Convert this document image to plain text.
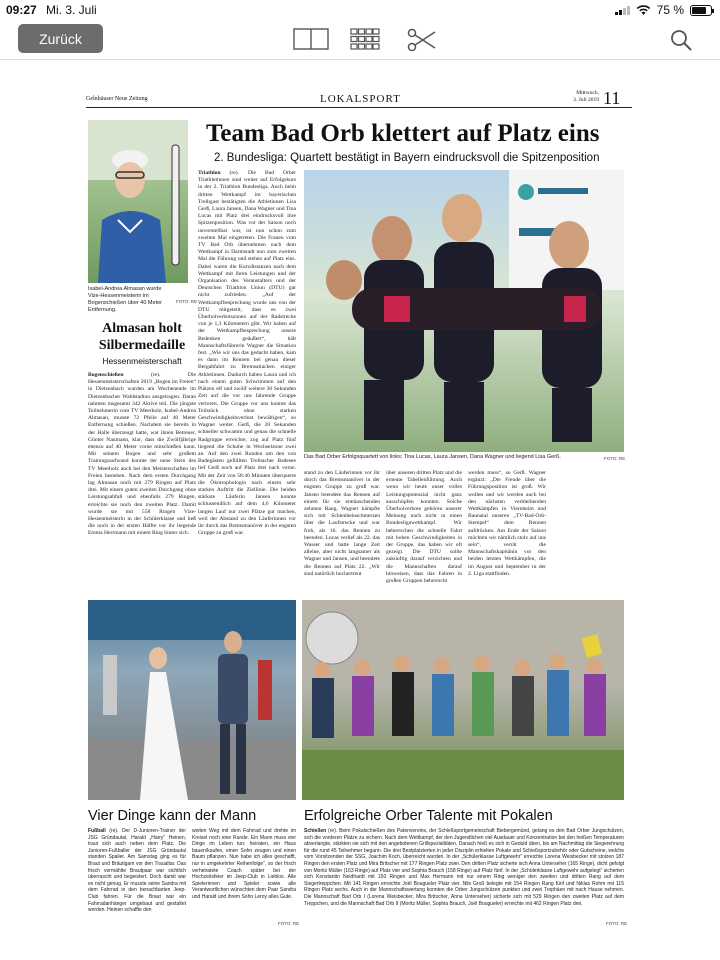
09:27 Mi. 3. Juli	75 %
Zurück
Gelnhäuser Neue Zeitung	LOKALSPORT	Mittwoch,
3. Juli 2019 11
Isabel-Andrea Almasan wurde Vize-Hessenmeisterin im Bogenschießen über 40 Meter Entfernung.
FOTO: RE
Almasan holt Silbermedaille
Hessenmeisterschaft
Bogenschießen	(re). Die Hessenmeisterschaften 2019 „Bogen im Freien“ in Dietzenbach wurden am Wochenende im Dietzenbacher Waldstadion ausgetragen. Daran nahmen insgesamt 342 Aktive teil. Die jüngste Teilnehmerin vom TV Meerholz, Isabel-Andrea Almasan, musste 72 Pfeile auf 40 Meter Entfernung schießen. Nachdem sie bereits in der Halle überzeugt hatte, war ihnen Betreuer, Günter Naumann, klar, dass die Zwölfjährige ebenso auf 40 Meter vorne mitschießen kann. Mit seinem Bogen und sehr großem Trainingsaufwand konnte der neue Stern des TV Meerholz auch bei den Meisterschaften im Freien bestehen. Nach dem ersten Durchgang lag Almasan noch mit 279 Ringen auf Platz drei. Mit einem guten zweiten Durchgang ohne Leistungsabfall und ebenfalls 279 Ringen, erreichte sie noch den zweiten Platz. Damit wurde sie mit 558 Ringen Vize-Hessenmeisterin in der Schülerklasse und ließ die noch in der ersten Hälfte vor ihr liegende Emma Herrmann mit einem Ring hinter sich.
Team Bad Orb klettert auf Platz eins
2. Bundesliga: Quartett bestätigt in Bayern eindrucksvoll die Spitzenposition
Triathlon (re). Die Bad Orber Triathletinnen sind weiter auf Erfolgskurs in der 2. Triathlon Bundesliga. Auch beim dritten Wettkampf im bayerischen Treibgast bestätigten die Athletinnen Lisa Gerß, Laura Jansen, Dana Wagner und Tina Lucas mit Platz drei eindrucksvoll ihre Spitzenposition. Was vor der Saison noch unvorstellbar war, ist nun schon zum zweiten Mal eingetreten. Die Frauen vom TV Bad Orb übernehmen nach dem Wettkampf in Darmstadt nun zum zweiten Mal die Führung und stehen auf Platz eins. Dabei waren die Kurzdistanzen nach dem Wettkampf mit ihren Leistungen und der Organisation des Veranstalters und der Deutschen Triathlon Union (DTU) gar nicht zufrieden. „Auf der Wettkampfbesprechung wurde uns von der DTU mitgeteilt, dass es zwei Überholverbotszonen auf der Radstrecke von je 1,3 Kilometern gibt. Wir haben auf der Wettkampfbesprechung unsere Bedenken geäußert“, hält Mannschaftsführerin Wagner die Situation fest. „Wie wir uns das gedacht haben, kam es dann im Rennen bei genau dieser Bergabfahrt zu Bremsattacken einiger Athletinnen. Dadurch haben Laura und ich nach einem guten Schwimmen auf den Plätzen elf und zwölf weitere 30 Sekunden Zeit auf die vor uns fahrende Gruppe verloren. Die Gruppe vor uns konnte das Teilstück ohne starken Geschwindigkeitsverlust bewältigen“, so Wagner weiter. Gerß, die 20 Sekunden schneller schwamm und genau die schnelle Radgruppe erreichte, zog auf Platz fünf liegend die Schuhe in Wechselzone zwei an. Auf den zwei Runden um den von Badegästen gefüllten Treibacher Badesee lief Gerß noch auf Platz drei nach vorne. Mit der Zeit von 58:46 Minuten überquerte die Ökotrophologin nach einem sehr starken Auftritt die Ziellinie. Die beiden stärkste Läuferin Jansen konnte schlussendlich auf dem 4,6 Kilometer langen Lauf nur zwei Plätze gut machen, weil der Abstand zu den Läuferinnen vor ihr durch das Bremsmanöver in der engsten Gruppe zu groß war.
Das Bad Orber Erfolgsquartett von links: Tina Lucas, Laura Jansen, Dana Wagner und liegend Lisa Gerß.	FOTO: RE
stand zu den Läuferinnen vor ihr durch das Bremsmanöver in der engsten Gruppe zu groß war. Jansen beendete das Rennen auf einem für sie enttäuschenden zehnten Rang. Wagner kämpfte sich mit Schienbeinschmerzen über die Laufstrecke und war froh, als 16. das Rennen zu beenden. Lucas verlief als 22. das Wasser und hatte lange Zeit alleine, aber nicht langsamer als Wagner und Jansen, und beendete die Rennen auf Platz 22. „Wir sind natürlich hochertreut
über unseren dritten Platz und die erneute Tabellenführung. Auch wenn wir heute unser volles Leistungspotenzial nicht ganz ausschöpfen konnten. Solche Überholverbote gehören unserer Meinung nach nicht in einen Bundesligawettkampf. Wir beherrschen die schnelle Fahrt mit hohen Geschwindigkeiten in der Gruppe, das haben wir oft gezeigt. Die DTU sollte zukünftig darauf verzichten und die Mannschaften darauf hinweisen, dass das Fahren in großen Gruppen beherrscht
werden muss“, so Gerß. Wagner ergänzt: „Die Freude über die Führungsposition ist groß. Wir wollen und wir werden auch bei den nächsten verbleibenden Wettkämpfen in Viernheim und Baunatal unseren „TV-Bad-Orb-Stempel“ dem Rennen aufdrücken. Am Ende der Saison möchten wir nämlich stolz auf uns sein“, verrät die Mannschaftskapitänin vor den beiden letzten Wettkämpfen, die im August und September in der 2. Liga stattfinden.
Vier Dinge kann der Mann
Fußball (re). Der D-Junioren-Trainer der JSG Gründautal, Harald „Harry“ Heinen, traut sich auch neben dem Platz. Die Junioren-Fußballer der JSG Gründautal standen Spalier. Am Samstag ging es für Braut und Bräutigam vor den Traualtar. Das frisch vermählte Brautpaar war sichtlich überrascht und begeistert. Doch damit war es nicht genug. Er musste seine Sandra mit dem Fahrrad in den benachbarten Jeep-Club fahren. Für die Braut war ein Fahrradanhänger umgebaut und gestaltet worden. Heinen schaffte den
weiten Weg mit dem Fahrrad und drehte im Kreisel noch eine Runde. Ein Mann muss vier Dinge im Leben tun: heiraten, ein Haus bauen/kaufen, einen Sohn zeugen und einen Baum pflanzen. Nun habe ich alles geschafft, nur in umgekehrter Reihenfolge“, so der frisch verheiratete Coach später bei der Hochzeitsfeier im Jeep-Club in Lieblos. Alle Spielerinnen und Spieler sowie alle Verantwortlichen wünschten dem Paar Sandra und Harald und ihrem Sohn Leroy alles Gute.
FOTO: RE
Erfolgreiche Orber Talente mit Pokalen
Schießen (re). Beim Pokalschießen des Patenvereins, der Schießsportgemeinschaft Biebergemünd, gelang es den Bad Orber Jungschützen, sich die vorderen Plätze zu sichern. Nach dem Wettkampf, der den Jugendlichen viel Ausdauer und Konzentration bei den heißen Temperaturen abverlangte, stärkten sie sich mit den angebotenen Grillspezialitäten. Danach hieß es sich in Geduld üben, bis am Nachmittag die Siegerehrung für die rund 45 Teilnehmer begann. Die drei Bestplatzierten in jeder Disziplin erhielten Pokale und Schießsportzubehör oder Gutscheine, welche vom Vorsitzenden der SSG, Joachim Koch, überreicht wurden. In der „Schülerklasse Luftgewehr“ erreichte Lorena Weisbecker mit stolzen 187 Ringen den ersten Platz und Mira Britscher mit 177 Ringen Platz zwei. Den dritten Platz sicherte sich Anna Unterseher (165 Ringe), dicht gefolgt von Moritz Müller (163 Ringe) auf Platz vier und Sophia Brauch (158 Ringe) auf Platz fünf. In der „Schülerklasse Luftgewehr aufgelegt“ sicherten sich Konstantin Neidhardt mit 150 Ringen und Max Hermann mit nur einem Ring weniger den zweiten und dritten Rang auf dem Siegertreppchen. Mit 141 Ringen erreichte Joël Bougueler Platz vier. Nils Groß belegte mit 154 Ringen Rang fünf und Niklas Rohm mit 115 Ringen Platz sechs. Auch in der Mannschaftswertung konnten die Orber Jungschützen punkten und zwei Trophäen mit nach Hause nehmen. Die Mannschaft Bad Orb I (Lorena Weisbecker, Mira Britscher, Anna Unterseher) sicherte sich mit 529 Ringen den zweiten Platz auf dem Treppchen, und die Mannschaft Bad Orb II (Moritz Müller, Sophia Brauch, Joël Bougueler) erreichte mit 462 Ringen Platz drei.
FOTO: RE
